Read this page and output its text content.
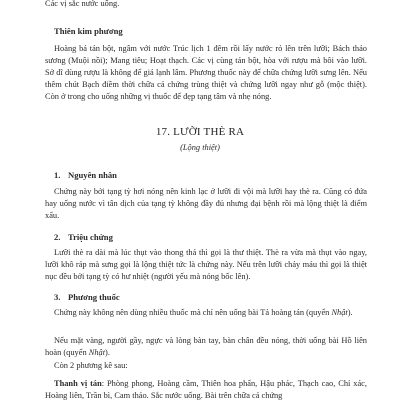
Các vị sắc nước uống.

Thiên kim phương

Hoàng bá tán bột, ngâm với nước Trúc lịch 1 đêm rồi lấy nước rỏ lên trên lưỡi; Bách thảo sương (Muội nồi); Mang tiêu; Hoạt thạch. Các vị cùng tán bột, hòa với rượu mà bôi vào lưỡi. Sở dĩ dùng rượu là không để giá lạnh lâm. Phương thuốc này để chữa chứng lưỡi sưng lên. Nếu thêm chút Bạch điềm thời chữa cả chứng trùng thiệt và chứng lưỡi ngay như gỗ (mộc thiệt). Còn ở trong cho uống những vị thuốc để đẹp tạng tâm và nhẹ nóng.

17. LƯỠI THÈ RA

(Lộng thiệt)

1. Nguyên nhân

Chứng này bởi tạng tỳ hơi nóng nên kinh lạc ở lưỡi đi vội mà lưỡi hay thè ra. Cũng có đứa hay uống nước vì tân dịch của tạng tỳ không đầy đủ nhưng đại bệnh rồi mà lộng thiệt là điểm xấu.

2. Triệu chứng

Lưỡi thè ra dài mà lúc thụt vào thong thả thì gọi là thư thiệt. Thè ra vừa mà thụt vào ngay, lưỡi khô ráp mà sưng gọi là lộng thiệt tức là chứng này. Nếu trên lưỡi chảy máu thì gọi là thiệt nục đều bởi tạng tỳ có hư nhiệt (người yếu mà nóng bốc lên).

3. Phương thuốc

Chứng này không nên dùng nhiều thuốc mà chỉ nên uống bài Tả hoàng tán (quyển Nhật).

Nếu mặt vàng, người gầy, ngực và lòng bàn tay, bàn chân đều nóng, thời uống bài Hồ liên hoàn (quyển Nhật).

Còn 2 phương kê sau:

Thanh vị tán: Phòng phong, Hoàng cầm, Thiên hoa phấn, Hậu phác, Thạch cao, Chỉ xác, Hoàng liên, Trần bì, Cam thảo. Sắc nước uống. Bài trên chữa cả chứng
